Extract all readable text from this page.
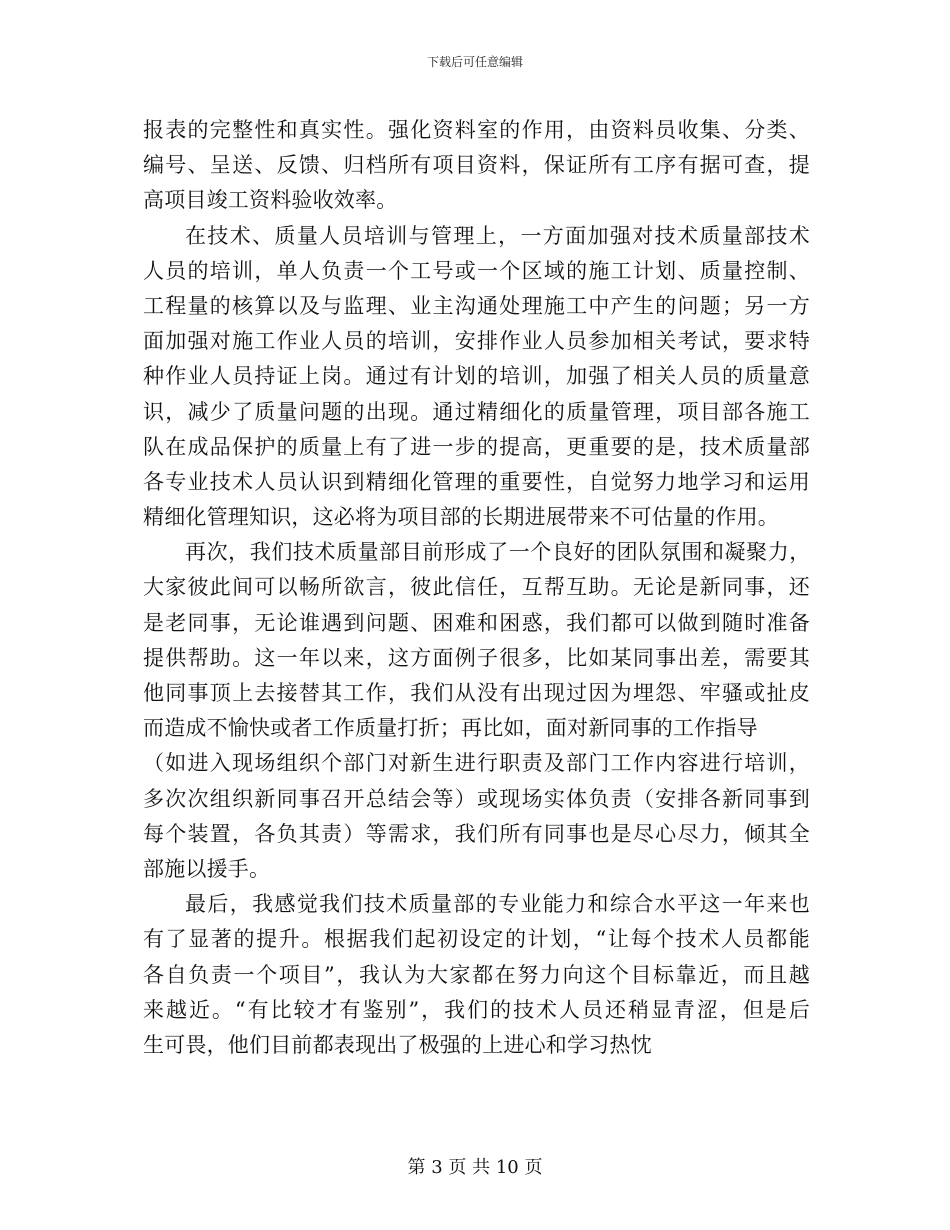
下载后可任意编辑
报表的完整性和真实性。强化资料室的作用，由资料员收集、分类、
编号、呈送、反馈、归档所有项目资料，保证所有工序有据可查，提
高项目竣工资料验收效率。
在技术、质量人员培训与管理上，一方面加强对技术质量部技术
人员的培训，单人负责一个工号或一个区域的施工计划、质量控制、
工程量的核算以及与监理、业主沟通处理施工中产生的问题；另一方
面加强对施工作业人员的培训，安排作业人员参加相关考试，要求特
种作业人员持证上岗。通过有计划的培训，加强了相关人员的质量意
识，减少了质量问题的出现。通过精细化的质量管理，项目部各施工
队在成品保护的质量上有了进一步的提高，更重要的是，技术质量部
各专业技术人员认识到精细化管理的重要性，自觉努力地学习和运用
精细化管理知识，这必将为项目部的长期进展带来不可估量的作用。
再次，我们技术质量部目前形成了一个良好的团队氛围和凝聚力，
大家彼此间可以畅所欲言，彼此信任，互帮互助。无论是新同事，还
是老同事，无论谁遇到问题、困难和困惑，我们都可以做到随时准备
提供帮助。这一年以来，这方面例子很多，比如某同事出差，需要其
他同事顶上去接替其工作，我们从没有出现过因为埋怨、牢骚或扯皮
而造成不愉快或者工作质量打折；再比如，面对新同事的工作指导
（如进入现场组织个部门对新生进行职责及部门工作内容进行培训，
多次次组织新同事召开总结会等）或现场实体负责（安排各新同事到
每个装置，各负其责）等需求，我们所有同事也是尽心尽力，倾其全
部施以援手。
最后，我感觉我们技术质量部的专业能力和综合水平这一年来也
有了显著的提升。根据我们起初设定的计划，“让每个技术人员都能
各自负责一个项目”，我认为大家都在努力向这个目标靠近，而且越
来越近。“有比较才有鉴别”，我们的技术人员还稍显青涩，但是后
生可畏，他们目前都表现出了极强的上进心和学习热忱
第 3 页 共 10 页
